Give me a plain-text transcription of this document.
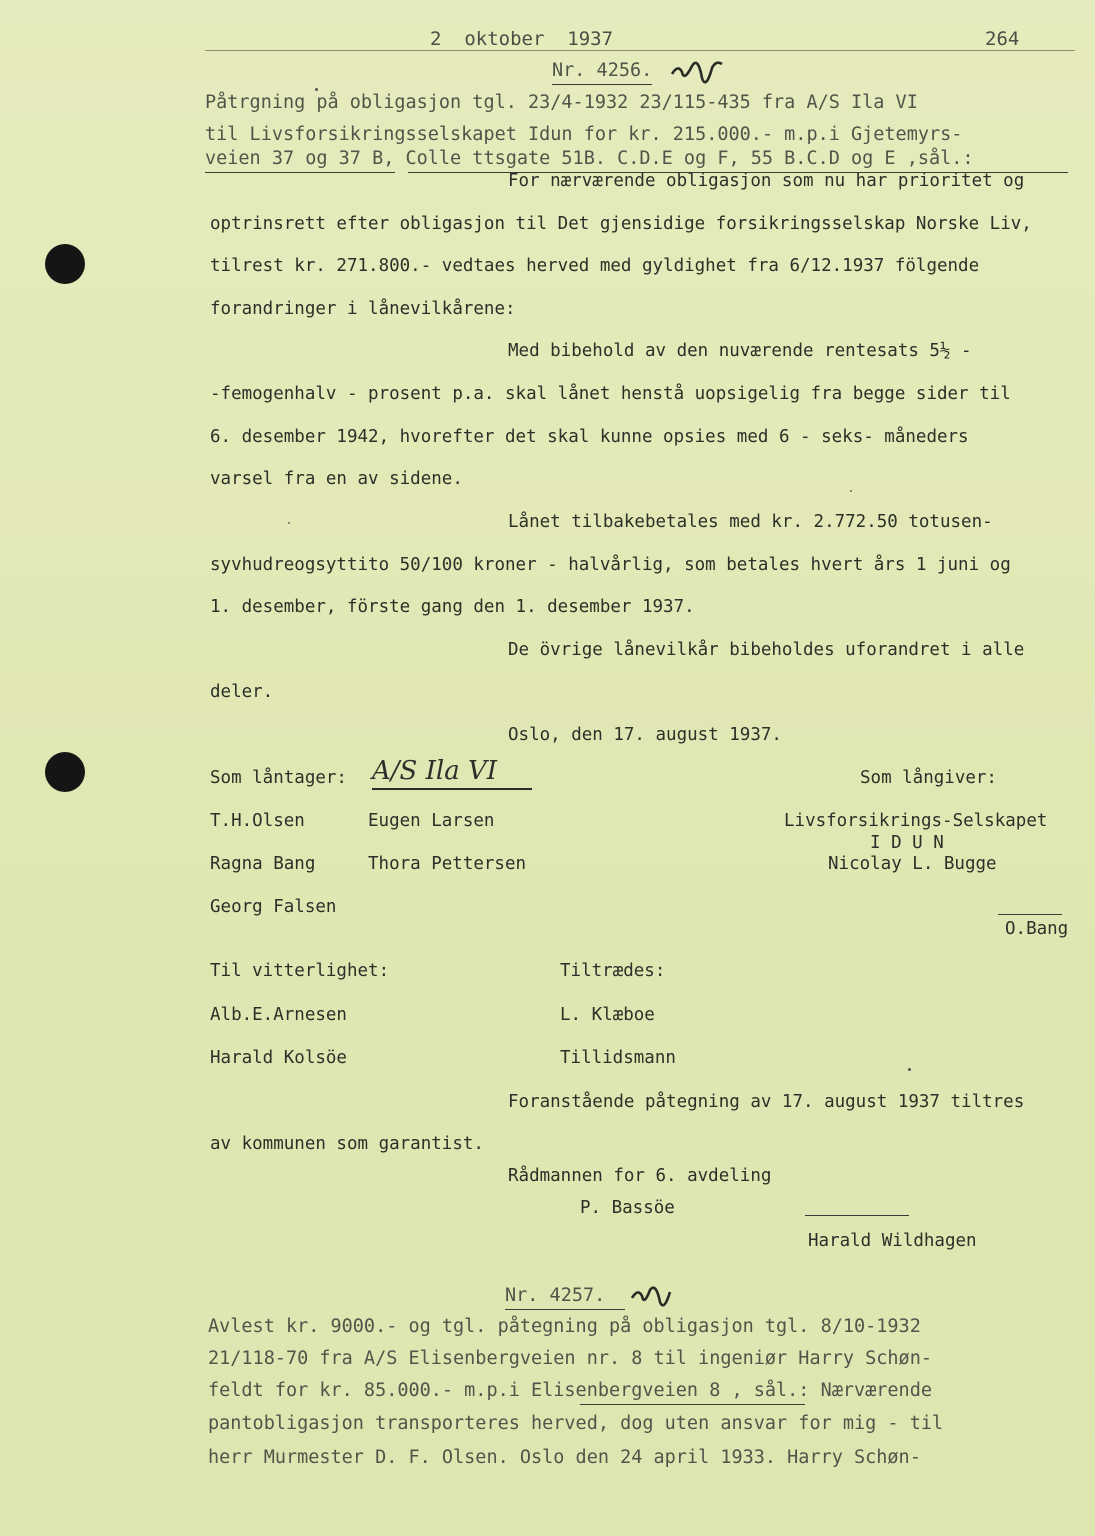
2  oktober  1937	264
Nr. 4256.
Påtrgning på obligasjon tgl. 23/4-1932 23/115-435 fra A/S Ila VI
til Livsforsikringsselskapet Idun for kr. 215.000.- m.p.i Gjetemyrs-
veien 37 og 37 B, Colle ttsgate 51B. C.D.E og F, 55 B.C.D og E ,sål.:
For nærværende obligasjon som nu har prioritet og
optrinsrett efter obligasjon til Det gjensidige forsikringsselskap Norske Liv,
tilrest kr. 271.800.- vedtaes herved med gyldighet fra 6/12.1937 fölgende
forandringer i lånevilkårene:
Med bibehold av den nuværende rentesats 5½ -
-femogenhalv - prosent p.a. skal lånet henstå uopsigelig fra begge sider til
6. desember 1942, hvorefter det skal kunne opsies med 6 - seks- måneders
varsel fra en av sidene.
Lånet tilbakebetales med kr. 2.772.50 totusen-
syvhudreogsyttito 50/100 kroner - halvårlig, som betales hvert års 1 juni og
1. desember, förste gang den 1. desember 1937.
De övrige lånevilkår bibeholdes uforandret i alle
deler.
Oslo, den 17. august 1937.
Som låntager: A/S Ila VI	Som långiver:
T.H.Olsen
Ragna Bang
Georg Falsen
Eugen Larsen
Thora Pettersen
Livsforsikrings-Selskapet
I D U N
Nicolay L. Bugge
O.Bang
Til vitterlighet:
Alb.E.Arnesen
Harald Kolsöe
Tiltrædes:
L. Klæboe
Tillidsmann
Foranstående påtegning av 17. august 1937 tiltres
av kommunen som garantist.
Rådmannen for 6. avdeling
P. Bassöe
Harald Wildhagen
Nr. 4257.
Avlest kr. 9000.- og tgl. påtegning på obligasjon tgl. 8/10-1932
21/118-70 fra A/S Elisenbergveien nr. 8 til ingeniør Harry Schøn-
feldt for kr. 85.000.- m.p.i Elisenbergveien 8 , sål.: Nærværende
pantobligasjon transporteres herved, dog uten ansvar for mig - til
herr Murmester D. F. Olsen. Oslo den 24 april 1933. Harry Schøn-
